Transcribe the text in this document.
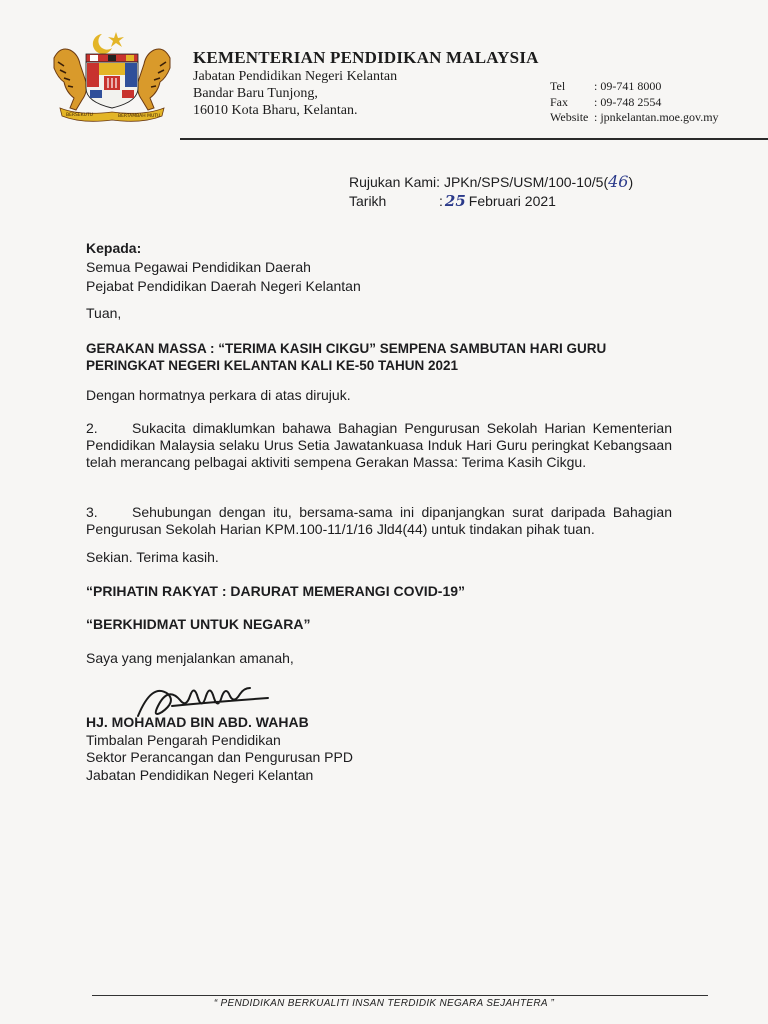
BERSEKUTU	BERTAMBAH MUTU
KEMENTERIAN PENDIDIKAN MALAYSIA
Jabatan Pendidikan Negeri Kelantan
Bandar Baru Tunjong,
16010 Kota Bharu, Kelantan.
Tel	: 09-741 8000
Fax	: 09-748 2554
Website : jpnkelantan.moe.gov.my
Rujukan Kami:
JPKn/SPS/USM/100-10/5( 46 )
Tarikh	: 25 Februari 2021
Kepada:
Semua Pegawai Pendidikan Daerah
Pejabat Pendidikan Daerah Negeri Kelantan
Tuan,
GERAKAN MASSA : “TERIMA KASIH CIKGU” SEMPENA SAMBUTAN HARI GURU
PERINGKAT NEGERI KELANTAN KALI KE-50 TAHUN 2021
Dengan hormatnya perkara di atas dirujuk.
2. Sukacita dimaklumkan bahawa Bahagian Pengurusan Sekolah Harian Kementerian Pendidikan Malaysia selaku Urus Setia Jawatankuasa Induk Hari Guru peringkat Kebangsaan telah merancang pelbagai aktiviti sempena Gerakan Massa: Terima Kasih Cikgu.
3. Sehubungan dengan itu, bersama-sama ini dipanjangkan surat daripada Bahagian Pengurusan Sekolah Harian KPM.100-11/1/16 Jld4(44) untuk tindakan pihak tuan.
Sekian. Terima kasih.
“PRIHATIN RAKYAT : DARURAT MEMERANGI COVID-19”
“BERKHIDMAT UNTUK NEGARA”
Saya yang menjalankan amanah,
HJ. MOHAMAD BIN ABD. WAHAB
Timbalan Pengarah Pendidikan
Sektor Perancangan dan Pengurusan PPD
Jabatan Pendidikan Negeri Kelantan
“ PENDIDIKAN BERKUALITI INSAN TERDIDIK NEGARA SEJAHTERA ”
